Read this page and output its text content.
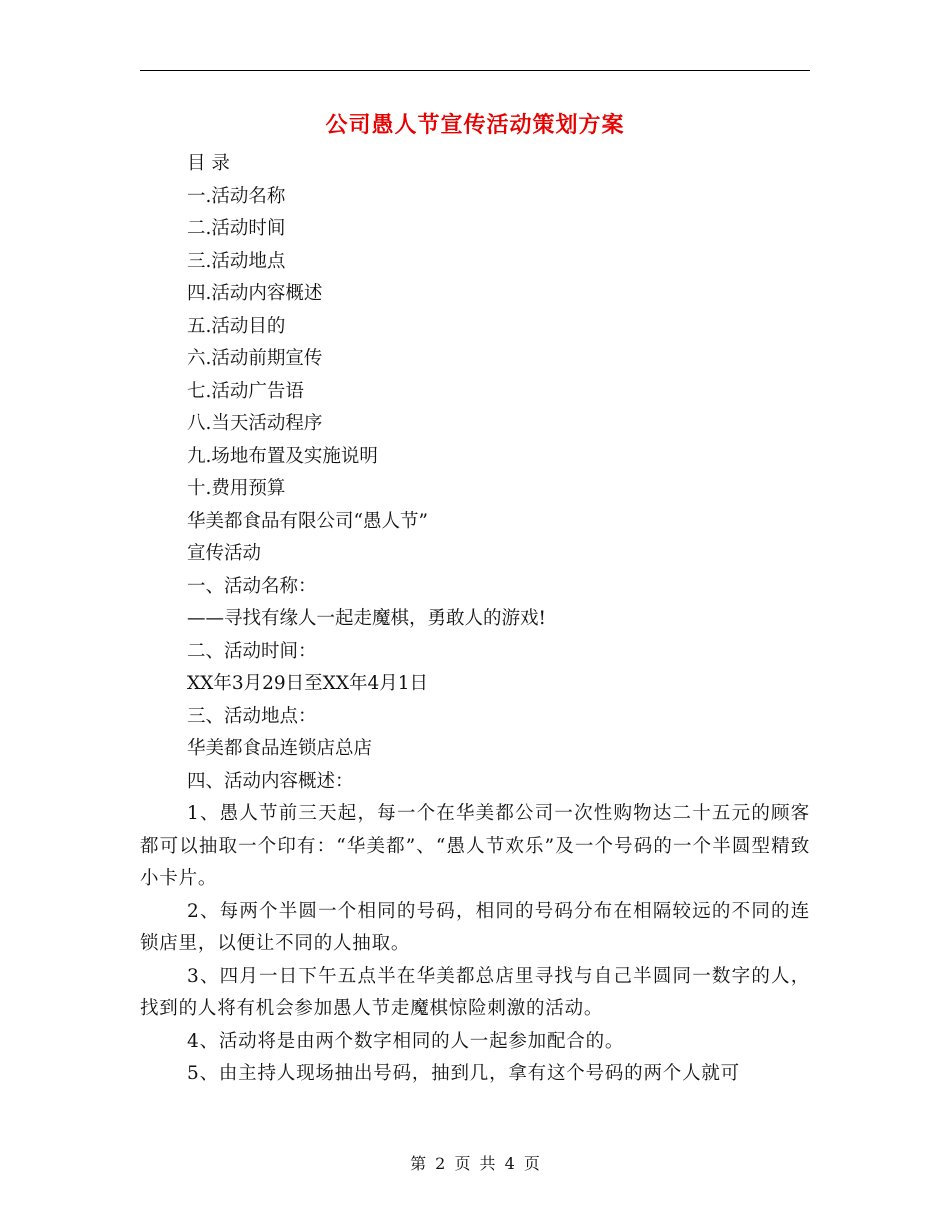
公司愚人节宣传活动策划方案

目 录

一.活动名称

二.活动时间

三.活动地点

四.活动内容概述

五.活动目的

六.活动前期宣传

七.活动广告语

八.当天活动程序

九.场地布置及实施说明

十.费用预算

华美都食品有限公司“愚人节”

宣传活动

一、活动名称：

——寻找有缘人一起走魔棋，勇敢人的游戏!

二、活动时间：

XX年3月29日至XX年4月1日

三、活动地点：

华美都食品连锁店总店

四、活动内容概述：

1、愚人节前三天起，每一个在华美都公司一次性购物达二十五元的顾客都可以抽取一个印有：“华美都”、“愚人节欢乐”及一个号码的一个半圆型精致小卡片。

2、每两个半圆一个相同的号码，相同的号码分布在相隔较远的不同的连锁店里，以便让不同的人抽取。

3、四月一日下午五点半在华美都总店里寻找与自己半圆同一数字的人，找到的人将有机会参加愚人节走魔棋惊险刺激的活动。

4、活动将是由两个数字相同的人一起参加配合的。

5、由主持人现场抽出号码，抽到几，拿有这个号码的两个人就可

第 2 页 共 4 页
